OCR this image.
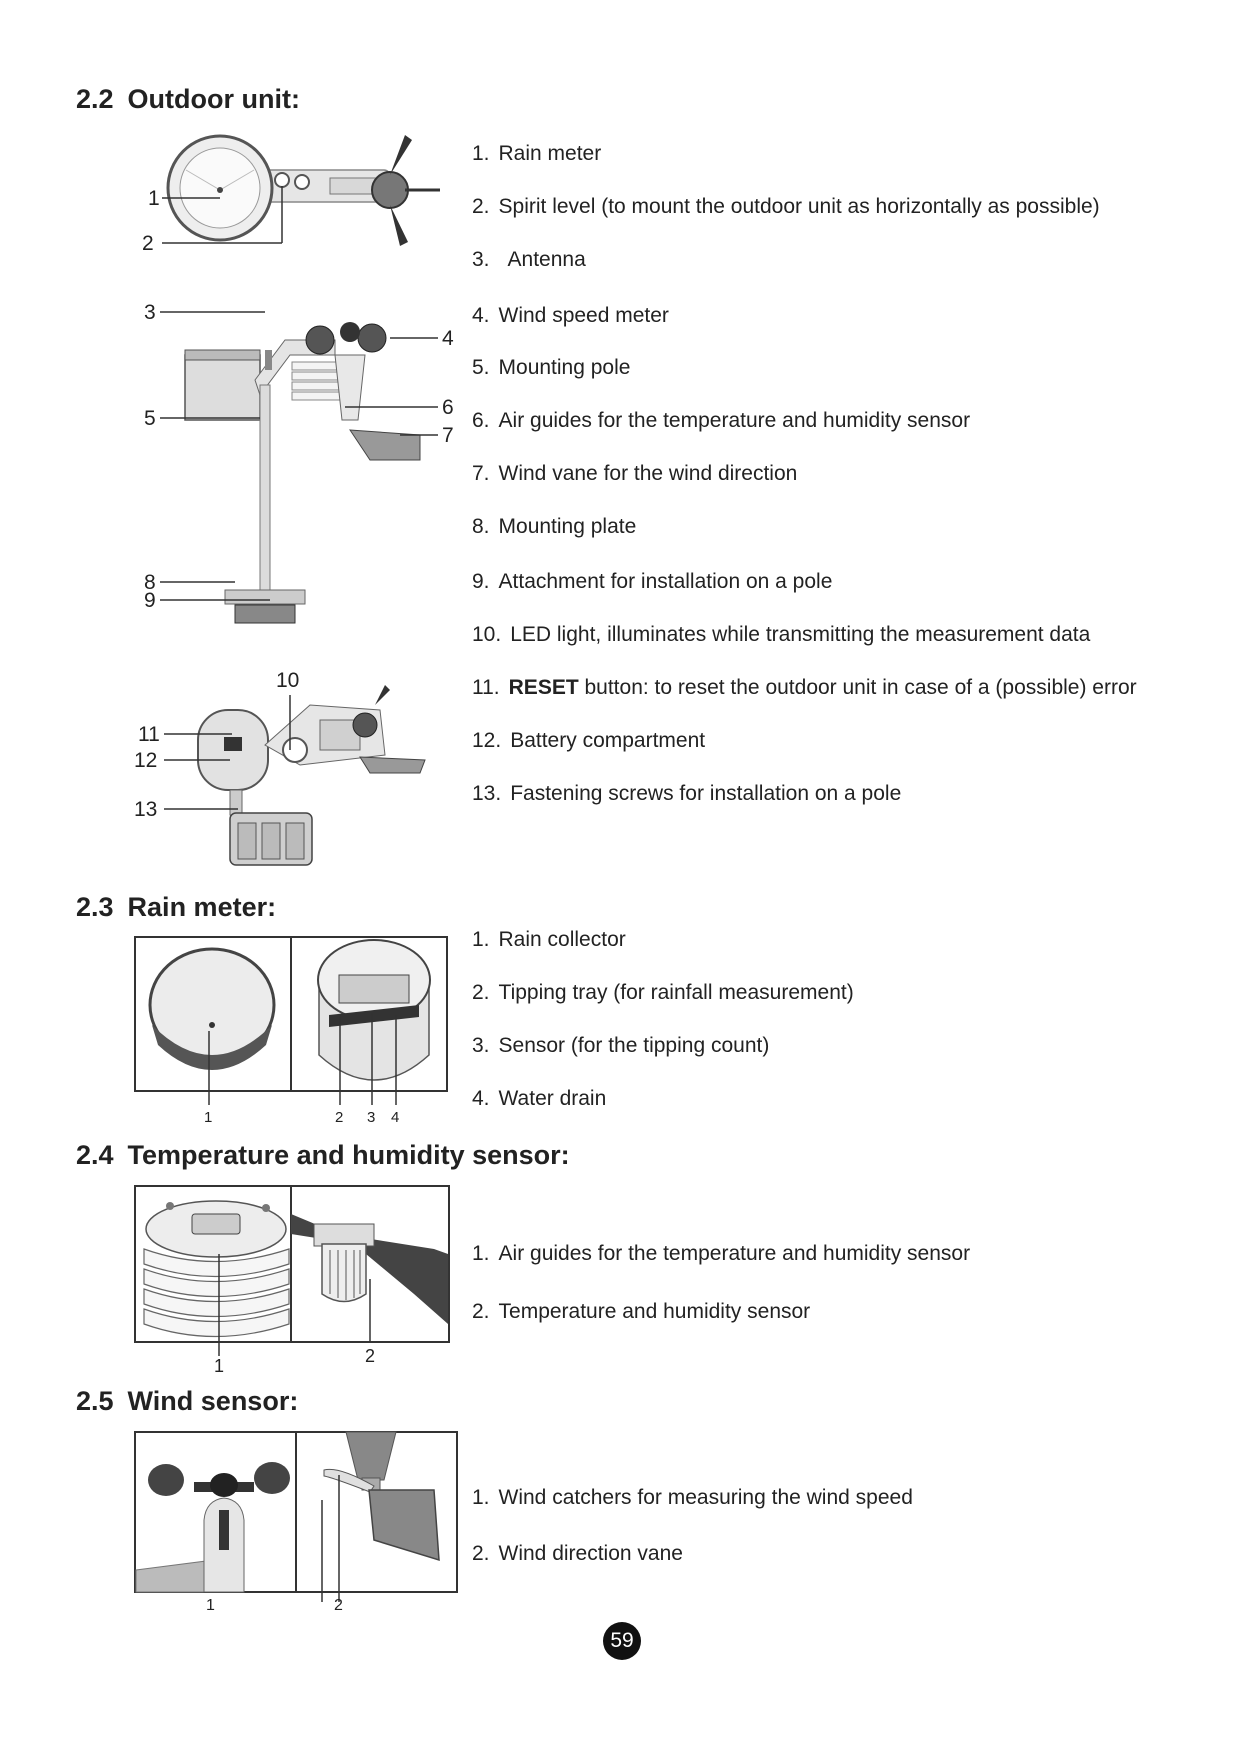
2.2 Outdoor unit:
1
2
3
4
6
7
5
8
9
10
11
12
13
1. Rain meter
2. Spirit level (to mount the outdoor unit as horizontally as possible)
3. Antenna
4. Wind speed meter
5. Mounting pole
6. Air guides for the temperature and humidity sensor
7. Wind vane for the wind direction
8. Mounting plate
9. Attachment for installation on a pole
10. LED light, illuminates while transmitting the measurement data
11. RESET button: to reset the outdoor unit in case of a (possible) error
12. Battery compartment
13. Fastening screws for installation on a pole
2.3 Rain meter:
1	2 3 4
1. Rain collector
2. Tipping tray (for rainfall measurement)
3. Sensor (for the tipping count)
4. Water drain
2.4 Temperature and humidity sensor:
1	2
1. Air guides for the temperature and humidity sensor
2. Temperature and humidity sensor
2.5 Wind sensor:
1	2
1. Wind catchers for measuring the wind speed
2. Wind direction vane
59
